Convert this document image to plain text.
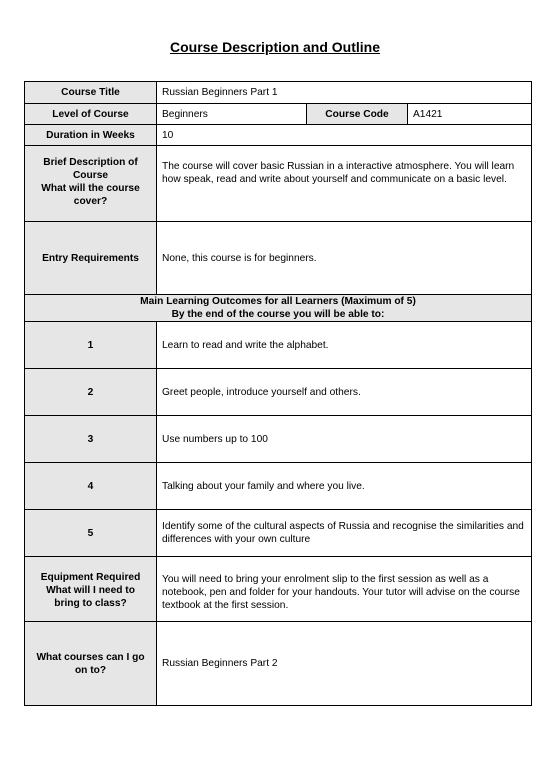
Course Description and Outline
Course Title	Russian Beginners Part 1		
Level of Course	Beginners	Course Code	A1421
Duration in Weeks	10		

Brief Description of
Course
What will the course
cover?	The course will cover basic Russian in a interactive atmosphere. You will learn how speak, read and write about yourself and communicate on a basic level.		
Entry Requirements	None, this course is for beginners.		

Main Learning Outcomes for all Learners (Maximum of 5)
By the end of the course you will be able to:			

1	Learn to read and write the alphabet.		
2	Greet people, introduce yourself and others.		
3	Use numbers up to 100		
4	Talking about your family and where you live.		
5	Identify some of the cultural aspects of Russia and recognise the similarities and differences with your own culture		

Equipment Required
What will I need to
bring to class?	You will need to bring your enrolment slip to the first session as well as a notebook, pen and folder for your handouts. Your tutor will advise on the course textbook at the first session.		

What courses can I go
on to?	Russian Beginners Part 2		
